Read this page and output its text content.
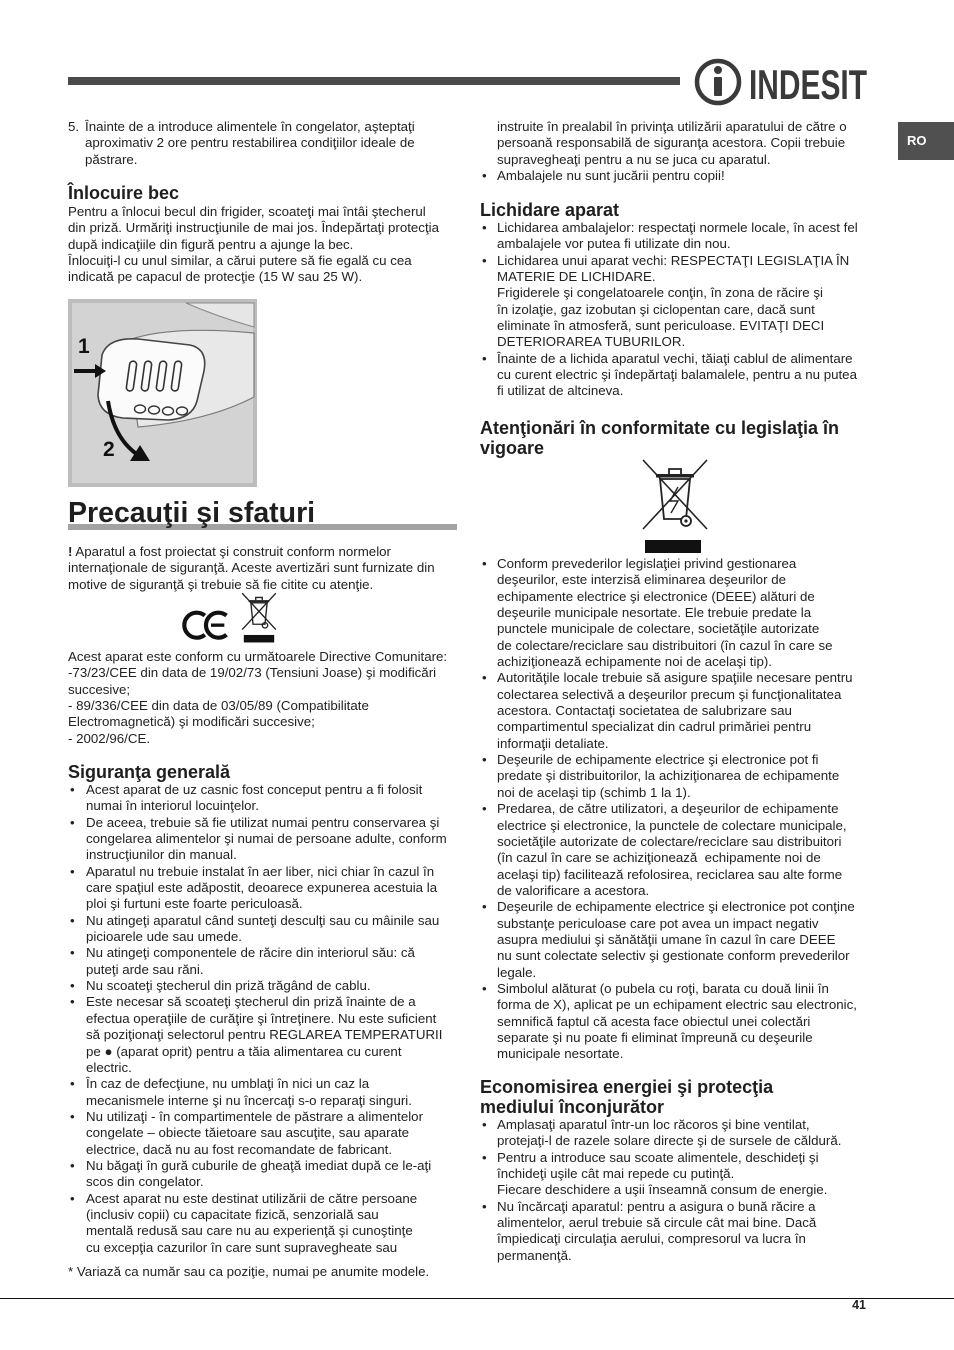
INDESIT
RO
5. Înainte de a introduce alimentele în congelator, aşteptaţi
aproximativ 2 ore pentru restabilirea condiţiilor ideale de
păstrare.
Înlocuire bec
Pentru a înlocui becul din frigider, scoateţi mai întâi ştecherul
din priză. Urmăriţi instrucţiunile de mai jos. Îndepărtaţi protecţia
după indicaţiile din figură pentru a ajunge la bec.
Înlocuiţi-l cu unul similar, a cărui putere să fie egală cu cea
indicată pe capacul de protecţie (15 W sau 25 W).
1
2
Precauţii şi sfaturi
! Aparatul a fost proiectat şi construit conform normelor
internaţionale de siguranţă. Aceste avertizări sunt furnizate din
motive de siguranţă şi trebuie să fie citite cu atenţie.
Acest aparat este conform cu următoarele Directive Comunitare:
-73/23/CEE din data de 19/02/73 (Tensiuni Joase) şi modificări
succesive;
- 89/336/CEE din data de 03/05/89 (Compatibilitate
Electromagnetică) şi modificări succesive;
- 2002/96/CE.
Siguranţa generală
• Acest aparat de uz casnic fost conceput pentru a fi folosit
numai în interiorul locuinţelor.
• De aceea, trebuie să fie utilizat numai pentru conservarea şi
congelarea alimentelor şi numai de persoane adulte, conform
instrucţiunilor din manual.
• Aparatul nu trebuie instalat în aer liber, nici chiar în cazul în
care spaţiul este adăpostit, deoarece expunerea acestuia la
ploi şi furtuni este foarte periculoasă.
• Nu atingeţi aparatul când sunteţi desculţi sau cu mâinile sau
picioarele ude sau umede.
• Nu atingeţi componentele de răcire din interiorul său: că
puteţi arde sau răni.
• Nu scoateţi ştecherul din priză trăgând de cablu.
• Este necesar să scoateţi ştecherul din priză înainte de a
efectua operaţiile de curăţire şi întreţinere. Nu este suficient
să poziţionaţi selectorul pentru REGLAREA TEMPERATURII
pe ● (aparat oprit) pentru a tăia alimentarea cu curent
electric.
• În caz de defecţiune, nu umblaţi în nici un caz la
mecanismele interne şi nu încercaţi s-o reparaţi singuri.
• Nu utilizaţi - în compartimentele de păstrare a alimentelor
congelate – obiecte tăietoare sau ascuţite, sau aparate
electrice, dacă nu au fost recomandate de fabricant.
• Nu băgaţi în gură cuburile de gheaţă imediat după ce le-aţi
scos din congelator.
• Acest aparat nu este destinat utilizării de către persoane
(inclusiv copii) cu capacitate fizică, senzorială sau
mentală redusă sau care nu au experienţă şi cunoştinţe
cu excepţia cazurilor în care sunt supravegheate sau
* Variază ca număr sau ca poziţie, numai pe anumite modele.
instruite în prealabil în privinţa utilizării aparatului de către o
persoană responsabilă de siguranţa acestora. Copii trebuie
supravegheaţi pentru a nu se juca cu aparatul.
• Ambalajele nu sunt jucării pentru copii!
Lichidare aparat
• Lichidarea ambalajelor: respectaţi normele locale, în acest fel
ambalajele vor putea fi utilizate din nou.
• Lichidarea unui aparat vechi: RESPECTAŢI LEGISLAŢIA ÎN
MATERIE DE LICHIDARE.
Frigiderele şi congelatoarele conţin, în zona de răcire şi
în izolaţie, gaz izobutan şi ciclopentan care, dacă sunt
eliminate în atmosferă, sunt periculoase. EVITAŢI DECI
DETERIORAREA TUBURILOR.
• Înainte de a lichida aparatul vechi, tăiaţi cablul de alimentare
cu curent electric şi îndepărtaţi balamalele, pentru a nu putea
fi utilizat de altcineva.
Atenţionări în conformitate cu legislaţia în
vigoare
• Conform prevederilor legislaţiei privind gestionarea
deşeurilor, este interzisă eliminarea deşeurilor de
echipamente electrice şi electronice (DEEE) alături de
deşeurile municipale nesortate. Ele trebuie predate la
punctele municipale de colectare, societăţile autorizate
de colectare/reciclare sau distribuitori (în cazul în care se
achiziţionează echipamente noi de acelaşi tip).
• Autorităţile locale trebuie să asigure spaţiile necesare pentru
colectarea selectivă a deşeurilor precum şi funcţionalitatea
acestora. Contactaţi societatea de salubrizare sau
compartimentul specializat din cadrul primăriei pentru
informaţii detaliate.
• Deşeurile de echipamente electrice şi electronice pot fi
predate şi distribuitorilor, la achiziţionarea de echipamente
noi de acelaşi tip (schimb 1 la 1).
• Predarea, de către utilizatori, a deşeurilor de echipamente
electrice şi electronice, la punctele de colectare municipale,
societăţile autorizate de colectare/reciclare sau distribuitori
(în cazul în care se achiziţionează  echipamente noi de
acelaşi tip) facilitează refolosirea, reciclarea sau alte forme
de valorificare a acestora.
• Deşeurile de echipamente electrice şi electronice pot conţine
substanţe periculoase care pot avea un impact negativ
asupra mediului şi sănătăţii umane în cazul în care DEEE
nu sunt colectate selectiv şi gestionate conform prevederilor
legale.
• Simbolul alăturat (o pubela cu roţi, barata cu două linii în
forma de X), aplicat pe un echipament electric sau electronic,
semnifică faptul că acesta face obiectul unei colectări
separate şi nu poate fi eliminat împreună cu deşeurile
municipale nesortate.
Economisirea energiei şi protecţia
mediului înconjurător
• Amplasaţi aparatul într-un loc răcoros şi bine ventilat,
protejaţi-l de razele solare directe şi de sursele de căldură.
• Pentru a introduce sau scoate alimentele, deschideţi şi
închideţi uşile cât mai repede cu putinţă.
Fiecare deschidere a uşii înseamnă consum de energie.
• Nu încărcaţi aparatul: pentru a asigura o bună răcire a
alimentelor, aerul trebuie să circule cât mai bine. Dacă
împiedicaţi circulaţia aerului, compresorul va lucra în
permanenţă.
41
